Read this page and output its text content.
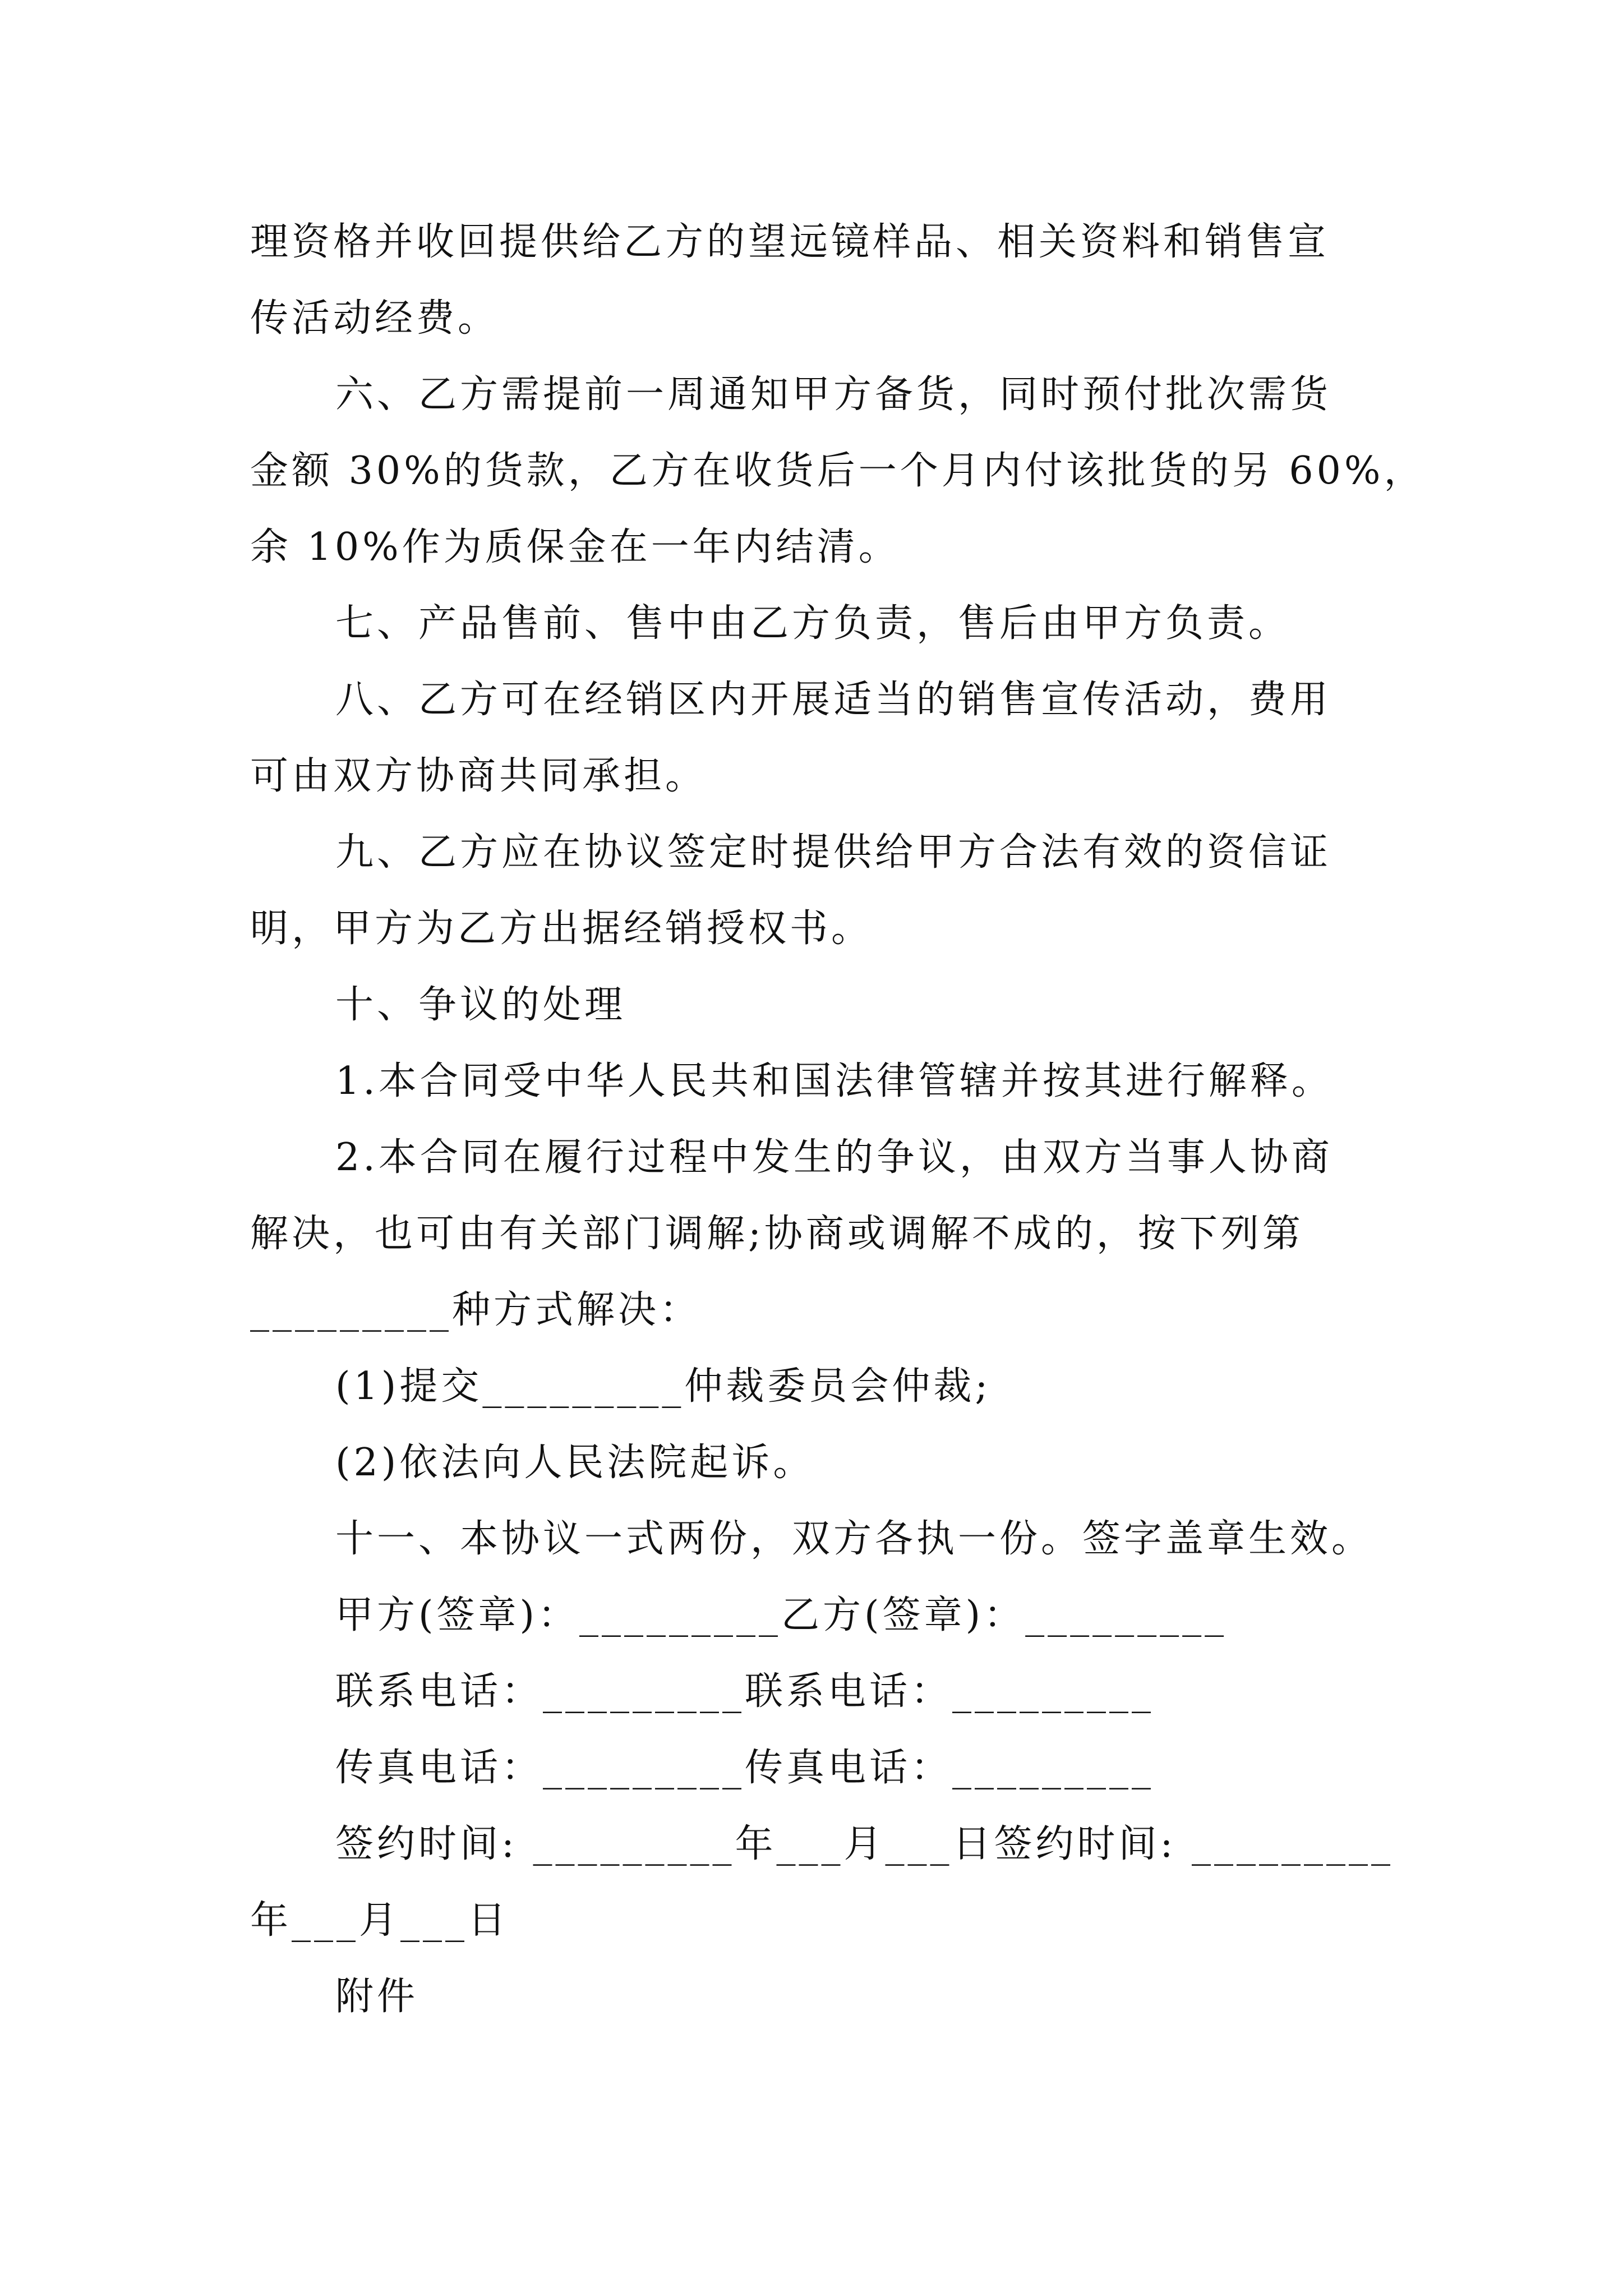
理资格并收回提供给乙方的望远镜样品、相关资料和销售宣
传活动经费。
六、乙方需提前一周通知甲方备货，同时预付批次需货
金额 30%的货款，乙方在收货后一个月内付该批货的另 60%，
余 10%作为质保金在一年内结清。
七、产品售前、售中由乙方负责，售后由甲方负责。
八、乙方可在经销区内开展适当的销售宣传活动，费用
可由双方协商共同承担。
九、乙方应在协议签定时提供给甲方合法有效的资信证
明，甲方为乙方出据经销授权书。
十、争议的处理
1.本合同受中华人民共和国法律管辖并按其进行解释。
2.本合同在履行过程中发生的争议，由双方当事人协商
解决，也可由有关部门调解;协商或调解不成的，按下列第
_________种方式解决：
(1)提交_________仲裁委员会仲裁;
(2)依法向人民法院起诉。
十一、本协议一式两份，双方各执一份。签字盖章生效。
甲方(签章)：_________乙方(签章)：_________
联系电话：_________联系电话：_________
传真电话：_________传真电话：_________
签约时间: _________年___月___日签约时间: _________
年___月___日
附件
